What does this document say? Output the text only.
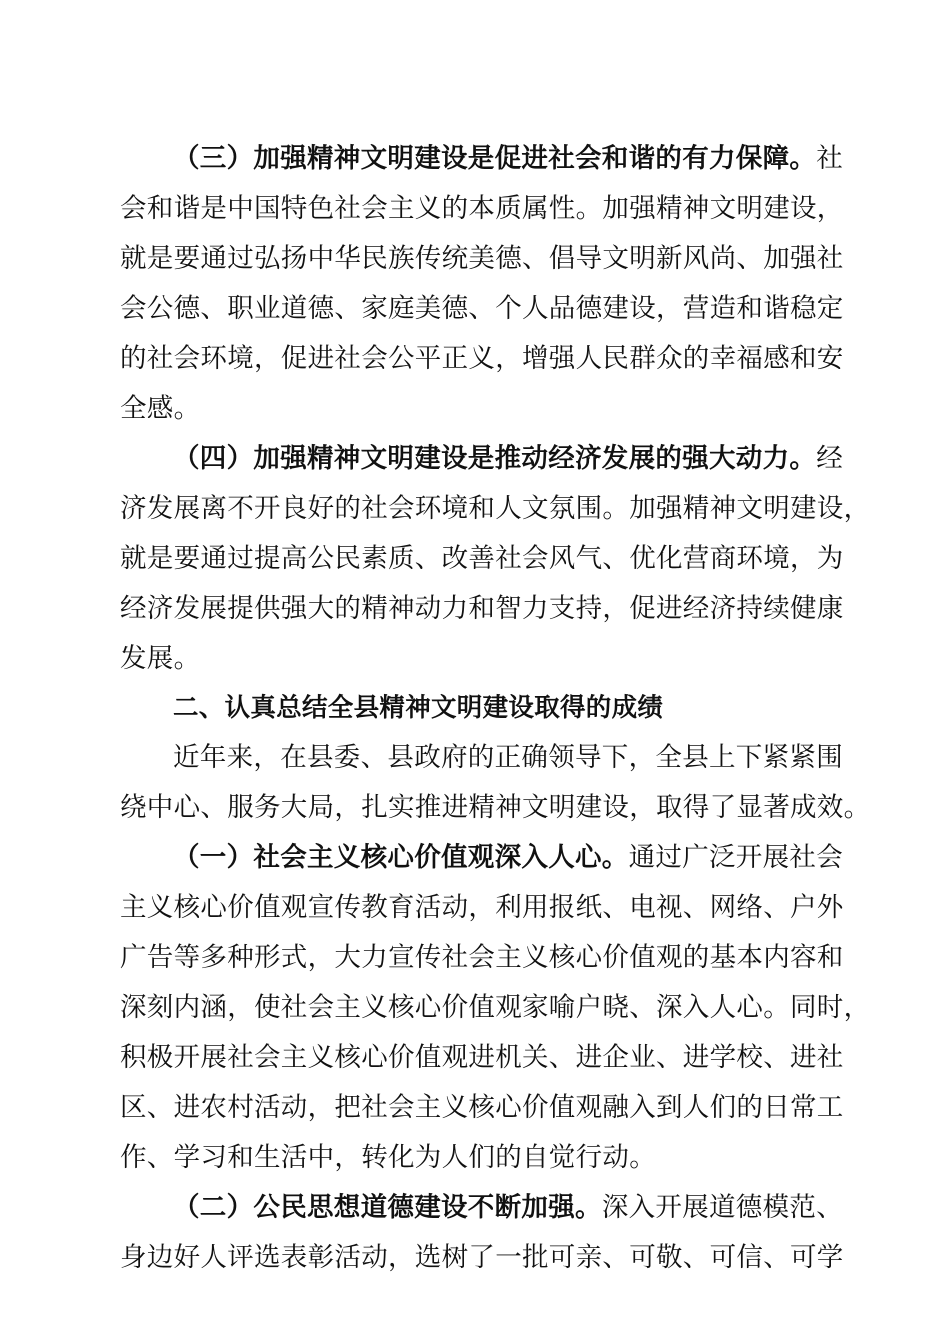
（三）加强精神文明建设是促进社会和谐的有力保障。社
会和谐是中国特色社会主义的本质属性。加强精神文明建设，
就是要通过弘扬中华民族传统美德、倡导文明新风尚、加强社
会公德、职业道德、家庭美德、个人品德建设，营造和谐稳定
的社会环境，促进社会公平正义，增强人民群众的幸福感和安
全感。
（四）加强精神文明建设是推动经济发展的强大动力。经
济发展离不开良好的社会环境和人文氛围。加强精神文明建设，
就是要通过提高公民素质、改善社会风气、优化营商环境，为
经济发展提供强大的精神动力和智力支持，促进经济持续健康
发展。
二、认真总结全县精神文明建设取得的成绩
近年来，在县委、县政府的正确领导下，全县上下紧紧围
绕中心、服务大局，扎实推进精神文明建设，取得了显著成效。
（一）社会主义核心价值观深入人心。通过广泛开展社会
主义核心价值观宣传教育活动，利用报纸、电视、网络、户外
广告等多种形式，大力宣传社会主义核心价值观的基本内容和
深刻内涵，使社会主义核心价值观家喻户晓、深入人心。同时，
积极开展社会主义核心价值观进机关、进企业、进学校、进社
区、进农村活动，把社会主义核心价值观融入到人们的日常工
作、学习和生活中，转化为人们的自觉行动。
（二）公民思想道德建设不断加强。深入开展道德模范、
身边好人评选表彰活动，选树了一批可亲、可敬、可信、可学
